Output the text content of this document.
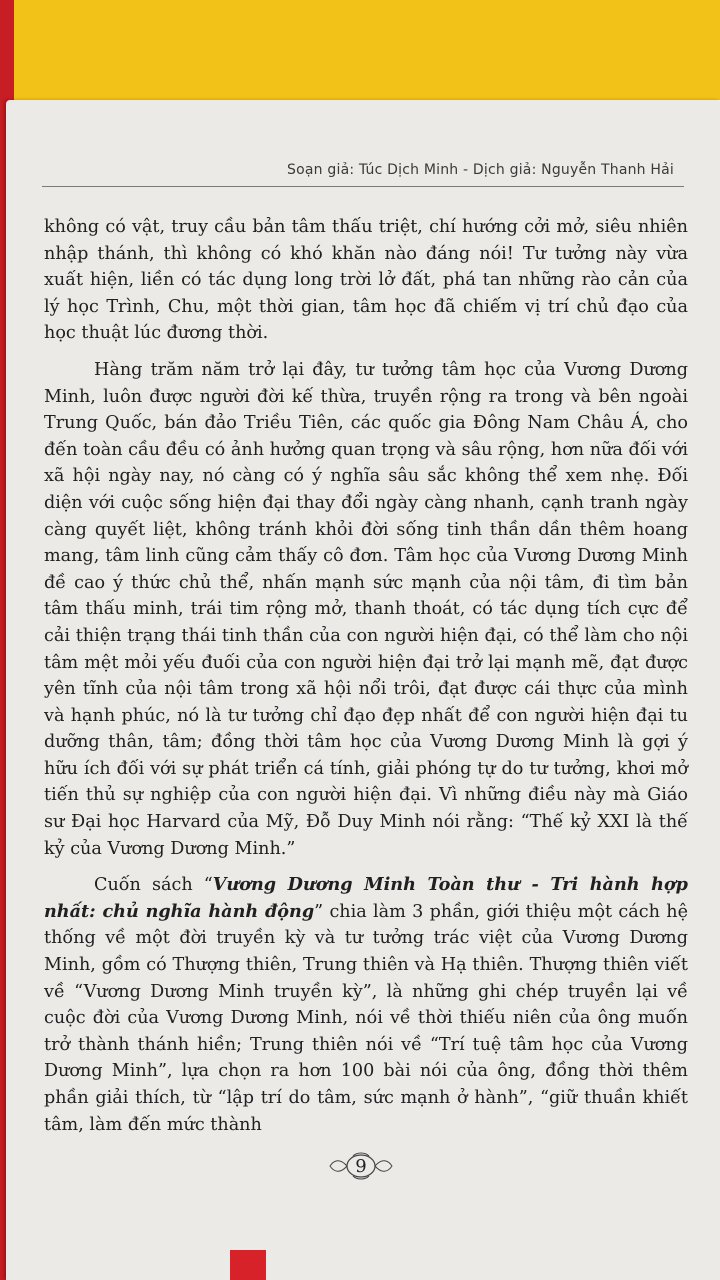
Soạn giả: Túc Dịch Minh - Dịch giả: Nguyễn Thanh Hải

không có vật, truy cầu bản tâm thấu triệt, chí hướng cởi mở, siêu nhiên nhập thánh, thì không có khó khăn nào đáng nói! Tư tưởng này vừa xuất hiện, liền có tác dụng long trời lở đất, phá tan những rào cản của lý học Trình, Chu, một thời gian, tâm học đã chiếm vị trí chủ đạo của học thuật lúc đương thời.

Hàng trăm năm trở lại đây, tư tưởng tâm học của Vương Dương Minh, luôn được người đời kế thừa, truyền rộng ra trong và bên ngoài Trung Quốc, bán đảo Triều Tiên, các quốc gia Đông Nam Châu Á, cho đến toàn cầu đều có ảnh hưởng quan trọng và sâu rộng, hơn nữa đối với xã hội ngày nay, nó càng có ý nghĩa sâu sắc không thể xem nhẹ. Đối diện với cuộc sống hiện đại thay đổi ngày càng nhanh, cạnh tranh ngày càng quyết liệt, không tránh khỏi đời sống tinh thần dần thêm hoang mang, tâm linh cũng cảm thấy cô đơn. Tâm học của Vương Dương Minh đề cao ý thức chủ thể, nhấn mạnh sức mạnh của nội tâm, đi tìm bản tâm thấu minh, trái tim rộng mở, thanh thoát, có tác dụng tích cực để cải thiện trạng thái tinh thần của con người hiện đại, có thể làm cho nội tâm mệt mỏi yếu đuối của con người hiện đại trở lại mạnh mẽ, đạt được yên tĩnh của nội tâm trong xã hội nổi trôi, đạt được cái thực của mình và hạnh phúc, nó là tư tưởng chỉ đạo đẹp nhất để con người hiện đại tu dưỡng thân, tâm; đồng thời tâm học của Vương Dương Minh là gợi ý hữu ích đối với sự phát triển cá tính, giải phóng tự do tư tưởng, khơi mở tiến thủ sự nghiệp của con người hiện đại. Vì những điều này mà Giáo sư Đại học Harvard của Mỹ, Đỗ Duy Minh nói rằng: “Thế kỷ XXI là thế kỷ của Vương Dương Minh.”

Cuốn sách “Vương Dương Minh Toàn thư - Tri hành hợp nhất: chủ nghĩa hành động” chia làm 3 phần, giới thiệu một cách hệ thống về một đời truyền kỳ và tư tưởng trác việt của Vương Dương Minh, gồm có Thượng thiên, Trung thiên và Hạ thiên. Thượng thiên viết về “Vương Dương Minh truyền kỳ”, là những ghi chép truyền lại về cuộc đời của Vương Dương Minh, nói về thời thiếu niên của ông muốn trở thành thánh hiền; Trung thiên nói về “Trí tuệ tâm học của Vương Dương Minh”, lựa chọn ra hơn 100 bài nói của ông, đồng thời thêm phần giải thích, từ “lập trí do tâm, sức mạnh ở hành”, “giữ thuần khiết tâm, làm đến mức thành

9
